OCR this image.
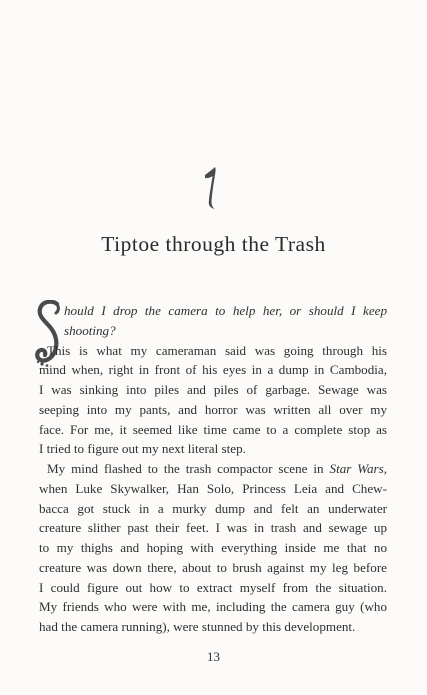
Tiptoe through the Trash
hould I drop the camera to help her, or should I keep
shooting?
This is what my cameraman said was going through his
mind when, right in front of his eyes in a dump in Cambodia,
I was sinking into piles and piles of garbage. Sewage was
seeping into my pants, and horror was written all over my
face. For me, it seemed like time came to a complete stop as
I tried to figure out my next literal step.
My mind flashed to the trash compactor scene in Star Wars,
when Luke Skywalker, Han Solo, Princess Leia and Chew-
bacca got stuck in a murky dump and felt an underwater
creature slither past their feet. I was in trash and sewage up
to my thighs and hoping with everything inside me that no
creature was down there, about to brush against my leg before
I could figure out how to extract myself from the situation.
My friends who were with me, including the camera guy (who
had the camera running), were stunned by this development.
13
